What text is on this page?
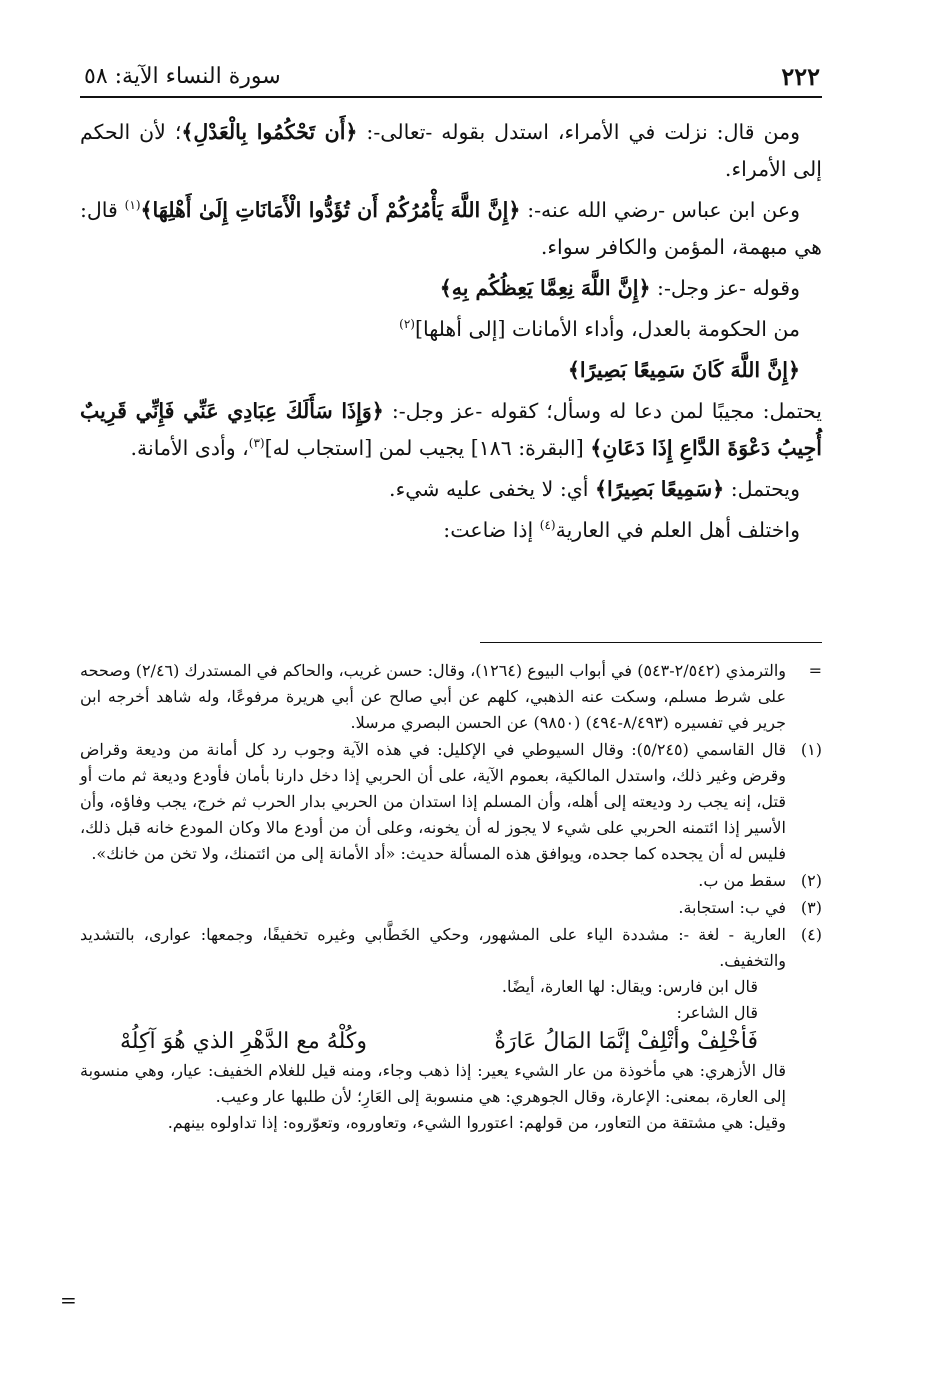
٢٢٢
سورة النساء الآية: ٥٨

ومن قال: نزلت في الأمراء، استدل بقوله -تعالى-: ﴿أَن تَحْكُمُوا بِالْعَدْلِ﴾؛ لأن الحكم إلى الأمراء.

وعن ابن عباس -رضي الله عنه-: ﴿إِنَّ اللَّهَ يَأْمُرُكُمْ أَن تُؤَدُّوا الْأَمَانَاتِ إِلَىٰ أَهْلِهَا﴾$^{(١)}$ قال: هي مبهمة، المؤمن والكافر سواء.

وقوله -عز وجل-: ﴿إِنَّ اللَّهَ نِعِمَّا يَعِظُكُم بِهِ﴾

من الحكومة بالعدل، وأداء الأمانات [إلى أهلها]$^{(٢)}$

﴿إِنَّ اللَّهَ كَانَ سَمِيعًا بَصِيرًا﴾

يحتمل: مجيبًا لمن دعا له وسأل؛ كقوله -عز وجل-: ﴿وَإِذَا سَأَلَكَ عِبَادِي عَنِّي فَإِنِّي قَرِيبٌ أُجِيبُ دَعْوَةَ الدَّاعِ إِذَا دَعَانِ﴾ [البقرة: ١٨٦] يجيب لمن [استجاب له]$^{(٣)}$، وأدى الأمانة.

ويحتمل: ﴿سَمِيعًا بَصِيرًا﴾ أي: لا يخفى عليه شيء.

واختلف أهل العلم في العارية$^{(٤)}$ إذا ضاعت:

=

والترمذي (٢/٥٤٢-٥٤٣) في أبواب البيوع (١٢٦٤)، وقال: حسن غريب، والحاكم في المستدرك (٢/٤٦) وصححه على شرط مسلم، وسكت عنه الذهبي، كلهم عن أبي صالح عن أبي هريرة مرفوعًا، وله شاهد أخرجه ابن جرير في تفسيره (٨/٤٩٣-٤٩٤) (٩٨٥٠) عن الحسن البصري مرسلا.

(١)

قال القاسمي (٥/٢٤٥): وقال السيوطي في الإكليل: في هذه الآية وجوب رد كل أمانة من وديعة وقراض وقرض وغير ذلك، واستدل المالكية، بعموم الآية، على أن الحربي إذا دخل دارنا بأمان فأودع وديعة ثم مات أو قتل، إنه يجب رد وديعته إلى أهله، وأن المسلم إذا استدان من الحربي بدار الحرب ثم خرج، يجب وفاؤه، وأن الأسير إذا ائتمنه الحربي على شيء لا يجوز له أن يخونه، وعلى أن من أودع مالا وكان المودع خانه قبل ذلك، فليس له أن يجحده كما جحده، ويوافق هذه المسألة حديث: «أد الأمانة إلى من ائتمنك، ولا تخن من خانك».

(٢)

سقط من ب.

(٣)

في ب: استجابة.

(٤)

العارية - لغة -: مشددة الياء على المشهور، وحكي الخَطَّابي وغيره تخفيفًا، وجمعها: عوارى، بالتشديد والتخفيف.

قال ابن فارس: ويقال: لها العارة، أيضًا.

قال الشاعر:

فَأخْلِفْ وأتْلِفْ إنَّمَا المَالُ عَارَةٌ
وكُلْهُ مع الدَّهْرِ الذي هُوَ آكِلُهْ

قال الأزهري: هي مأخوذة من عار الشيء يعير: إذا ذهب وجاء، ومنه قيل للغلام الخفيف: عيار، وهي منسوبة إلى العارة، بمعنى: الإعارة، وقال الجوهري: هي منسوبة إلى العَارِ؛ لأن طلبها عار وعيب.

وقيل: هي مشتقة من التعاور، من قولهم: اعتوروا الشيء، وتعاوروه، وتعوّروه: إذا تداولوه بينهم.

=
